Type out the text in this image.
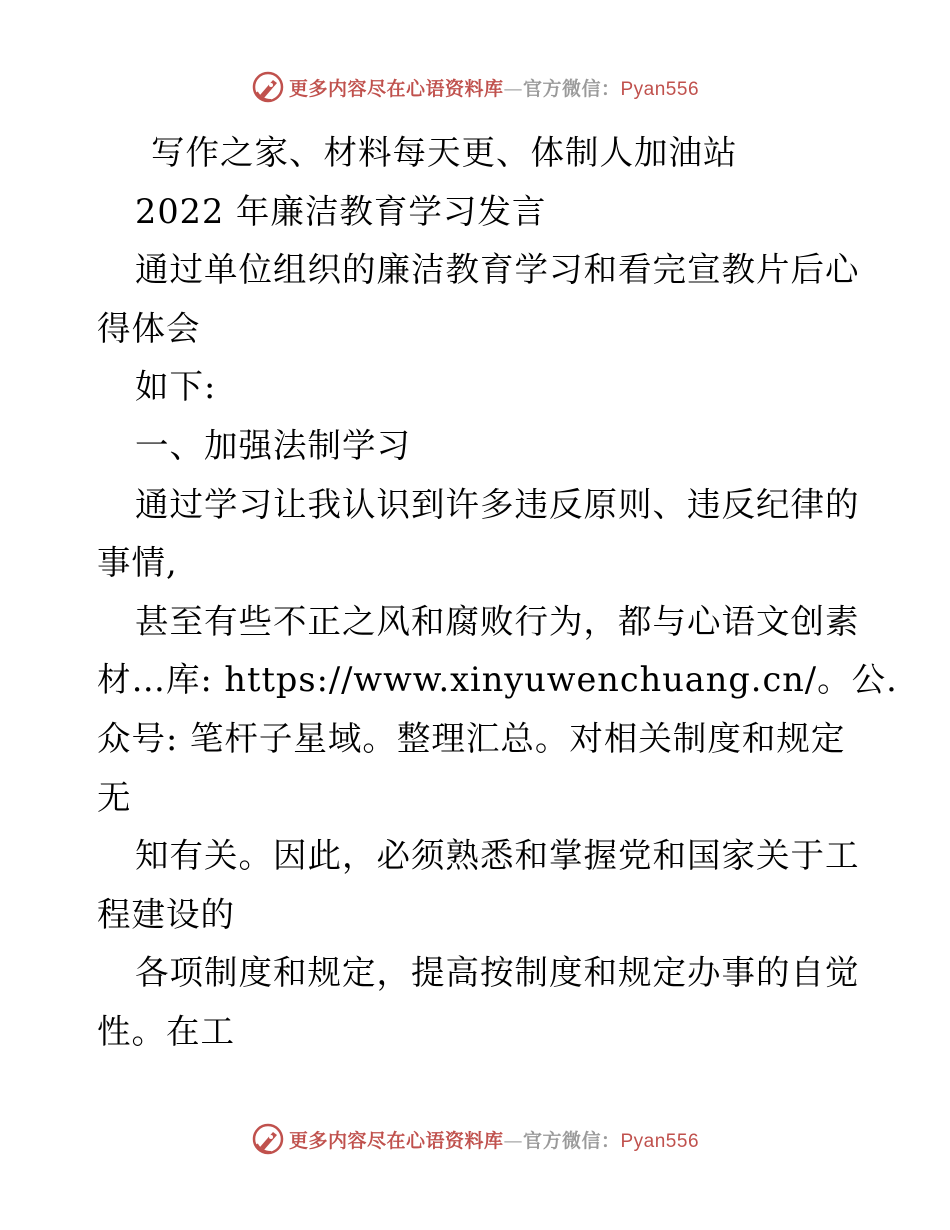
更多内容尽在心语资料库—官方微信：Pyan556
写作之家、材料每天更、体制人加油站
2022 年廉洁教育学习发言
通过单位组织的廉洁教育学习和看完宣教片后心
得体会
如下:
一、加强法制学习
通过学习让我认识到许多违反原则、违反纪律的
事情,
甚至有些不正之风和腐败行为，都与心语文创素
材…库: https://www.xinyuwenchuang.cn/。公.
众号: 笔杆子星域。整理汇总。对相关制度和规定
无
知有关。因此，必须熟悉和掌握党和国家关于工
程建设的
各项制度和规定，提高按制度和规定办事的自觉
性。在工
更多内容尽在心语资料库—官方微信：Pyan556
